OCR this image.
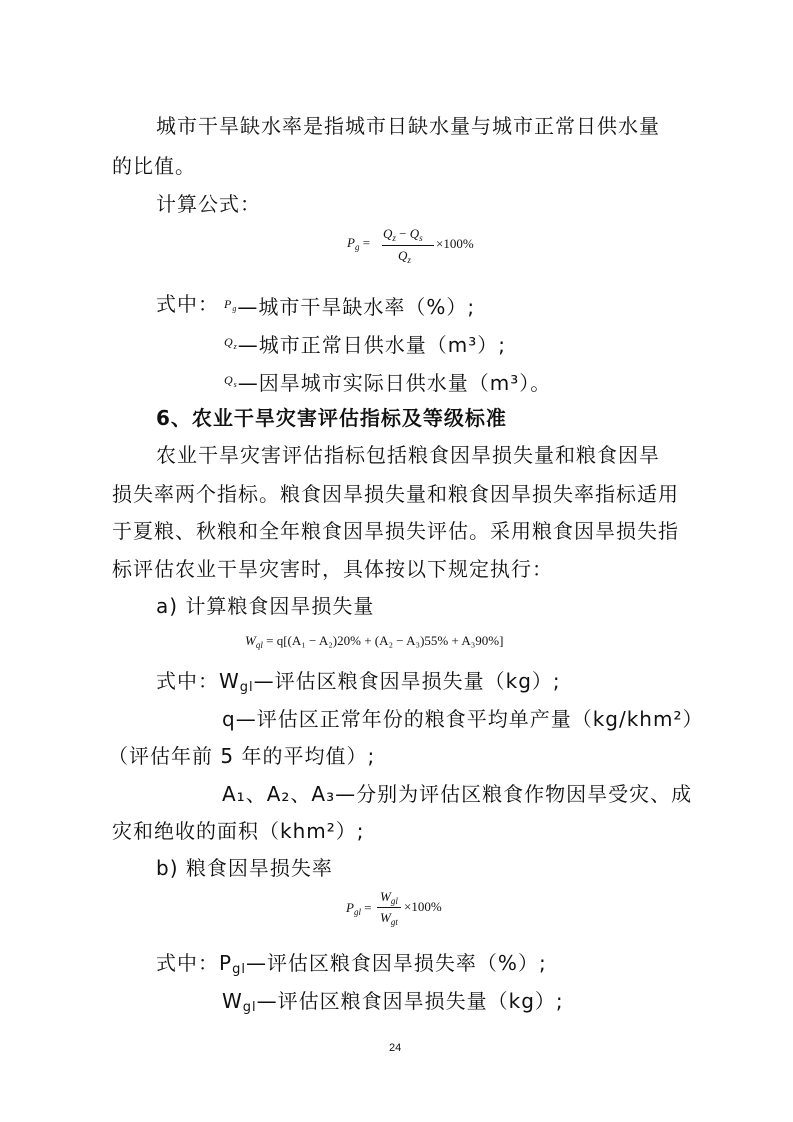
城市干旱缺水率是指城市日缺水量与城市正常日供水量
的比值。
计算公式：
$P_g$ =
$Q_z - Q_s$
$Q_z$
×100%
式中： $^{P_g}$—城市干旱缺水率（%）;
$^{Q_z}$—城市正常日供水量（m³）;
$^{Q_s}$—因旱城市实际日供水量（m³）。
6、农业干旱灾害评估指标及等级标准
农业干旱灾害评估指标包括粮食因旱损失量和粮食因旱
损失率两个指标。粮食因旱损失量和粮食因旱损失率指标适用
于夏粮、秋粮和全年粮食因旱损失评估。采用粮食因旱损失指
标评估农业干旱灾害时，具体按以下规定执行：
a) 计算粮食因旱损失量
$W_{ql} = q[(A_1 - A_2)20\% + (A_2 - A_3)55\% + A_390\%]$
式中：Wgl—评估区粮食因旱损失量（kg）;
q—评估区正常年份的粮食平均单产量（kg/khm²）
（评估年前 5 年的平均值）;
A₁、A₂、A₃—分别为评估区粮食作物因旱受灾、成
灾和绝收的面积（khm²）;
b) 粮食因旱损失率
$P_{gl}$ =
$W_{gl}$
$W_{gt}$
×100%
式中：Pgl—评估区粮食因旱损失率（%）;
Wgl—评估区粮食因旱损失量（kg）;
24
